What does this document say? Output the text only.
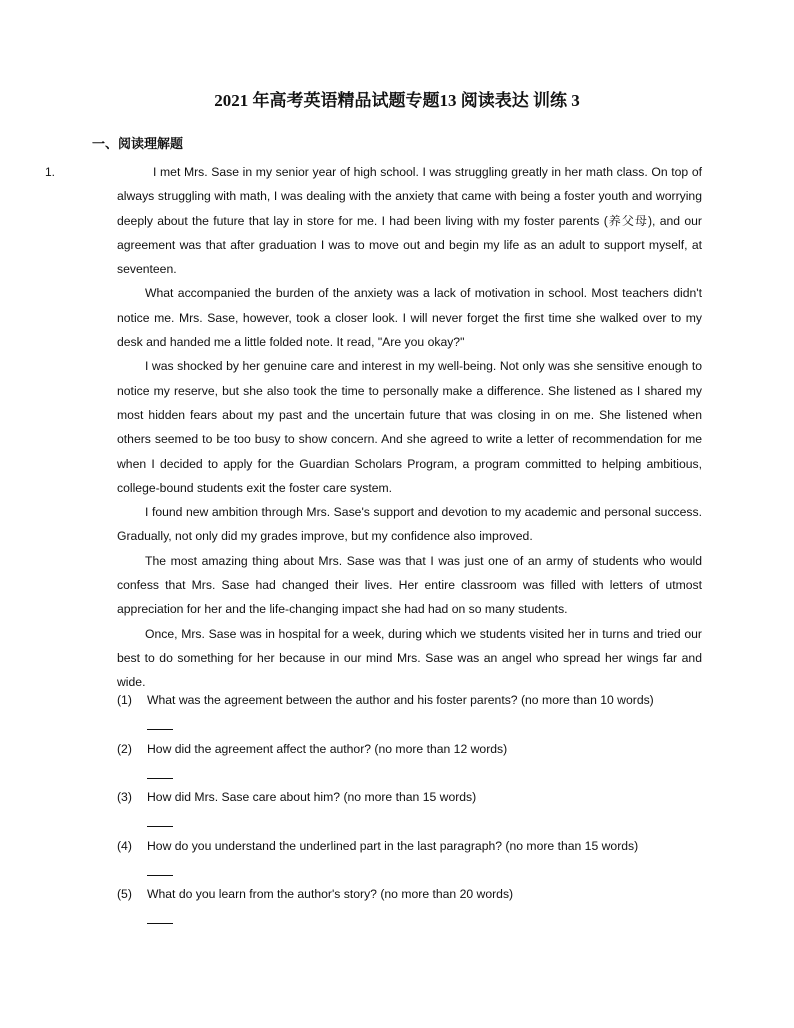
2021 年高考英语精品试题专题13 阅读表达 训练 3
一、阅读理解题

1.	I met Mrs. Sase in my senior year of high school. I was struggling greatly in her math class. On top of always struggling with math, I was dealing with the anxiety that came with being a foster youth and worrying deeply about the future that lay in store for me. I had been living with my foster parents (养父母), and our agreement was that after graduation I was to move out and begin my life as an adult to support myself, at seventeen.

What accompanied the burden of the anxiety was a lack of motivation in school. Most teachers didn't notice me. Mrs. Sase, however, took a closer look. I will never forget the first time she walked over to my desk and handed me a little folded note. It read, "Are you okay?"

I was shocked by her genuine care and interest in my well-being. Not only was she sensitive enough to notice my reserve, but she also took the time to personally make a difference. She listened as I shared my most hidden fears about my past and the uncertain future that was closing in on me. She listened when others seemed to be too busy to show concern. And she agreed to write a letter of recommendation for me when I decided to apply for the Guardian Scholars Program, a program committed to helping ambitious, college-bound students exit the foster care system.

I found new ambition through Mrs. Sase's support and devotion to my academic and personal success. Gradually, not only did my grades improve, but my confidence also improved.

The most amazing thing about Mrs. Sase was that I was just one of an army of students who would confess that Mrs. Sase had changed their lives. Her entire classroom was filled with letters of utmost appreciation for her and the life-changing impact she had had on so many students.

Once, Mrs. Sase was in hospital for a week, during which we students visited her in turns and tried our best to do something for her because in our mind Mrs. Sase was an angel who spread her wings far and wide.

(1) What was the agreement between the author and his foster parents? (no more than 10 words)
(2) How did the agreement affect the author? (no more than 12 words)
(3) How did Mrs. Sase care about him? (no more than 15 words)
(4) How do you understand the underlined part in the last paragraph? (no more than 15 words)
(5) What do you learn from the author's story? (no more than 20 words)
